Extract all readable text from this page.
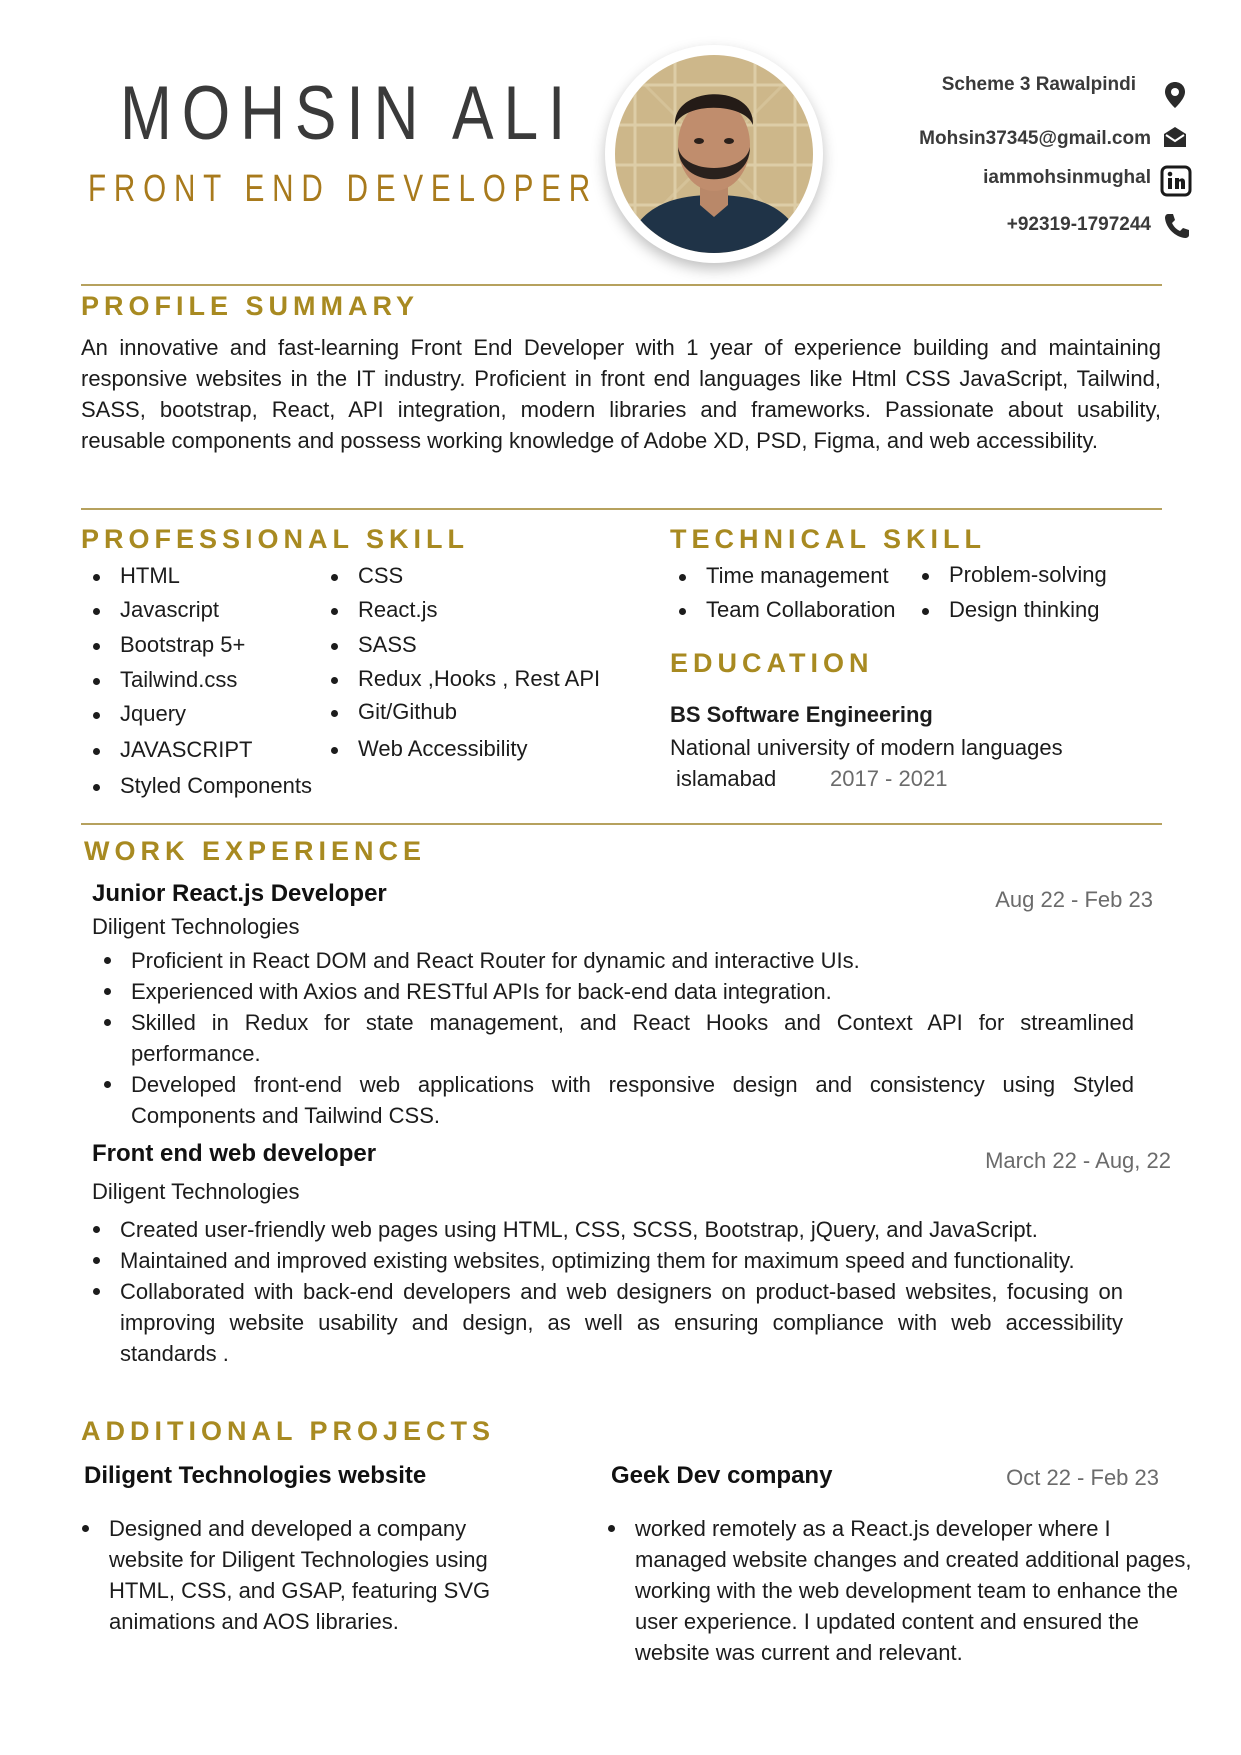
MOHSIN ALI
FRONT END DEVELOPER
Scheme 3 Rawalpindi
Mohsin37345@gmail.com
iammohsinmughal
+92319-1797244
PROFILE SUMMARY
An innovative and fast-learning Front End Developer with 1 year of experience building and maintaining responsive websites in the IT industry. Proficient in front end languages like Html CSS JavaScript, Tailwind, SASS, bootstrap, React, API integration, modern libraries and frameworks. Passionate about usability, reusable components and possess working knowledge of Adobe XD, PSD, Figma, and web accessibility.
PROFESSIONAL SKILL
HTML
Javascript
Bootstrap 5+
Tailwind.css
Jquery
JAVASCRIPT
Styled Components
CSS
React.js
SASS
Redux ,Hooks , Rest API
Git/Github
Web Accessibility
TECHNICAL SKILL
Time management
Team Collaboration
Problem-solving
Design thinking
EDUCATION
BS Software Engineering
National university of modern languages
islamabad 2017 - 2021
WORK EXPERIENCE
Junior React.js Developer	Aug 22 - Feb 23
Diligent Technologies
Proficient in React DOM and React Router for dynamic and interactive UIs.
Experienced with Axios and RESTful APIs for back-end data integration.
Skilled in Redux for state management, and React Hooks and Context API for streamlined performance.
Developed front-end web applications with responsive design and consistency using Styled Components and Tailwind CSS.
Front end web developer	March 22 - Aug, 22
Diligent Technologies
Created user-friendly web pages using HTML, CSS, SCSS, Bootstrap, jQuery, and JavaScript.
Maintained and improved existing websites, optimizing them for maximum speed and functionality.
Collaborated with back-end developers and web designers on product-based websites, focusing on improving website usability and design, as well as ensuring compliance with web accessibility standards .
ADDITIONAL PROJECTS
Diligent Technologies website
Designed and developed a company website for Diligent Technologies using HTML, CSS, and GSAP, featuring SVG animations and AOS libraries.
Geek Dev company	Oct 22 - Feb 23
worked remotely as a React.js developer where I managed website changes and created additional pages, working with the web development team to enhance the user experience. I updated content and ensured the website was current and relevant.
